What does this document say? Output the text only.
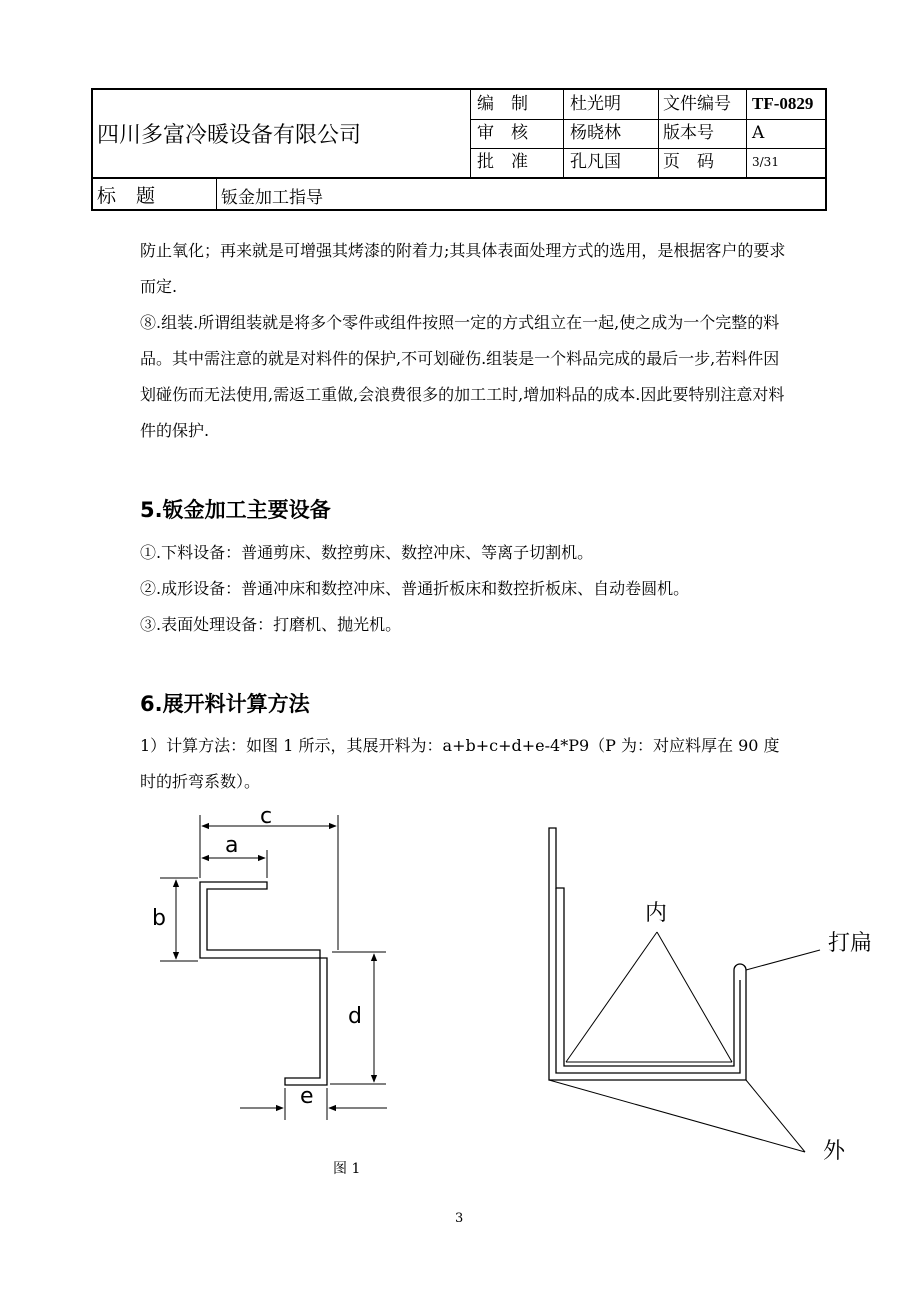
四川多富冷暖设备有限公司
编　制 杜光明 文件编号 TF-0829
审　核 杨晓林 版本号 A
批　准 孔凡国 页　码	3/31
标题	钣金加工指导

防止氧化；再来就是可增强其烤漆的附着力;其具体表面处理方式的选用，是根据客户的要求而定.

⑧.组装.所谓组装就是将多个零件或组件按照一定的方式组立在一起,使之成为一个完整的料品。其中需注意的就是对料件的保护,不可划碰伤.组装是一个料品完成的最后一步,若料件因划碰伤而无法使用,需返工重做,会浪费很多的加工工时,增加料品的成本.因此要特别注意对料件的保护.

5.钣金加工主要设备

①.下料设备：普通剪床、数控剪床、数控冲床、等离子切割机。

②.成形设备：普通冲床和数控冲床、普通折板床和数控折板床、自动卷圆机。

③.表面处理设备：打磨机、抛光机。

6.展开料计算方法

1）计算方法：如图 1 所示，其展开料为：a+b+c+d+e-4*P9（P 为：对应料厚在 90 度时的折弯系数）。

c
a
b
d
e
内
打扁
外
图 1
3
